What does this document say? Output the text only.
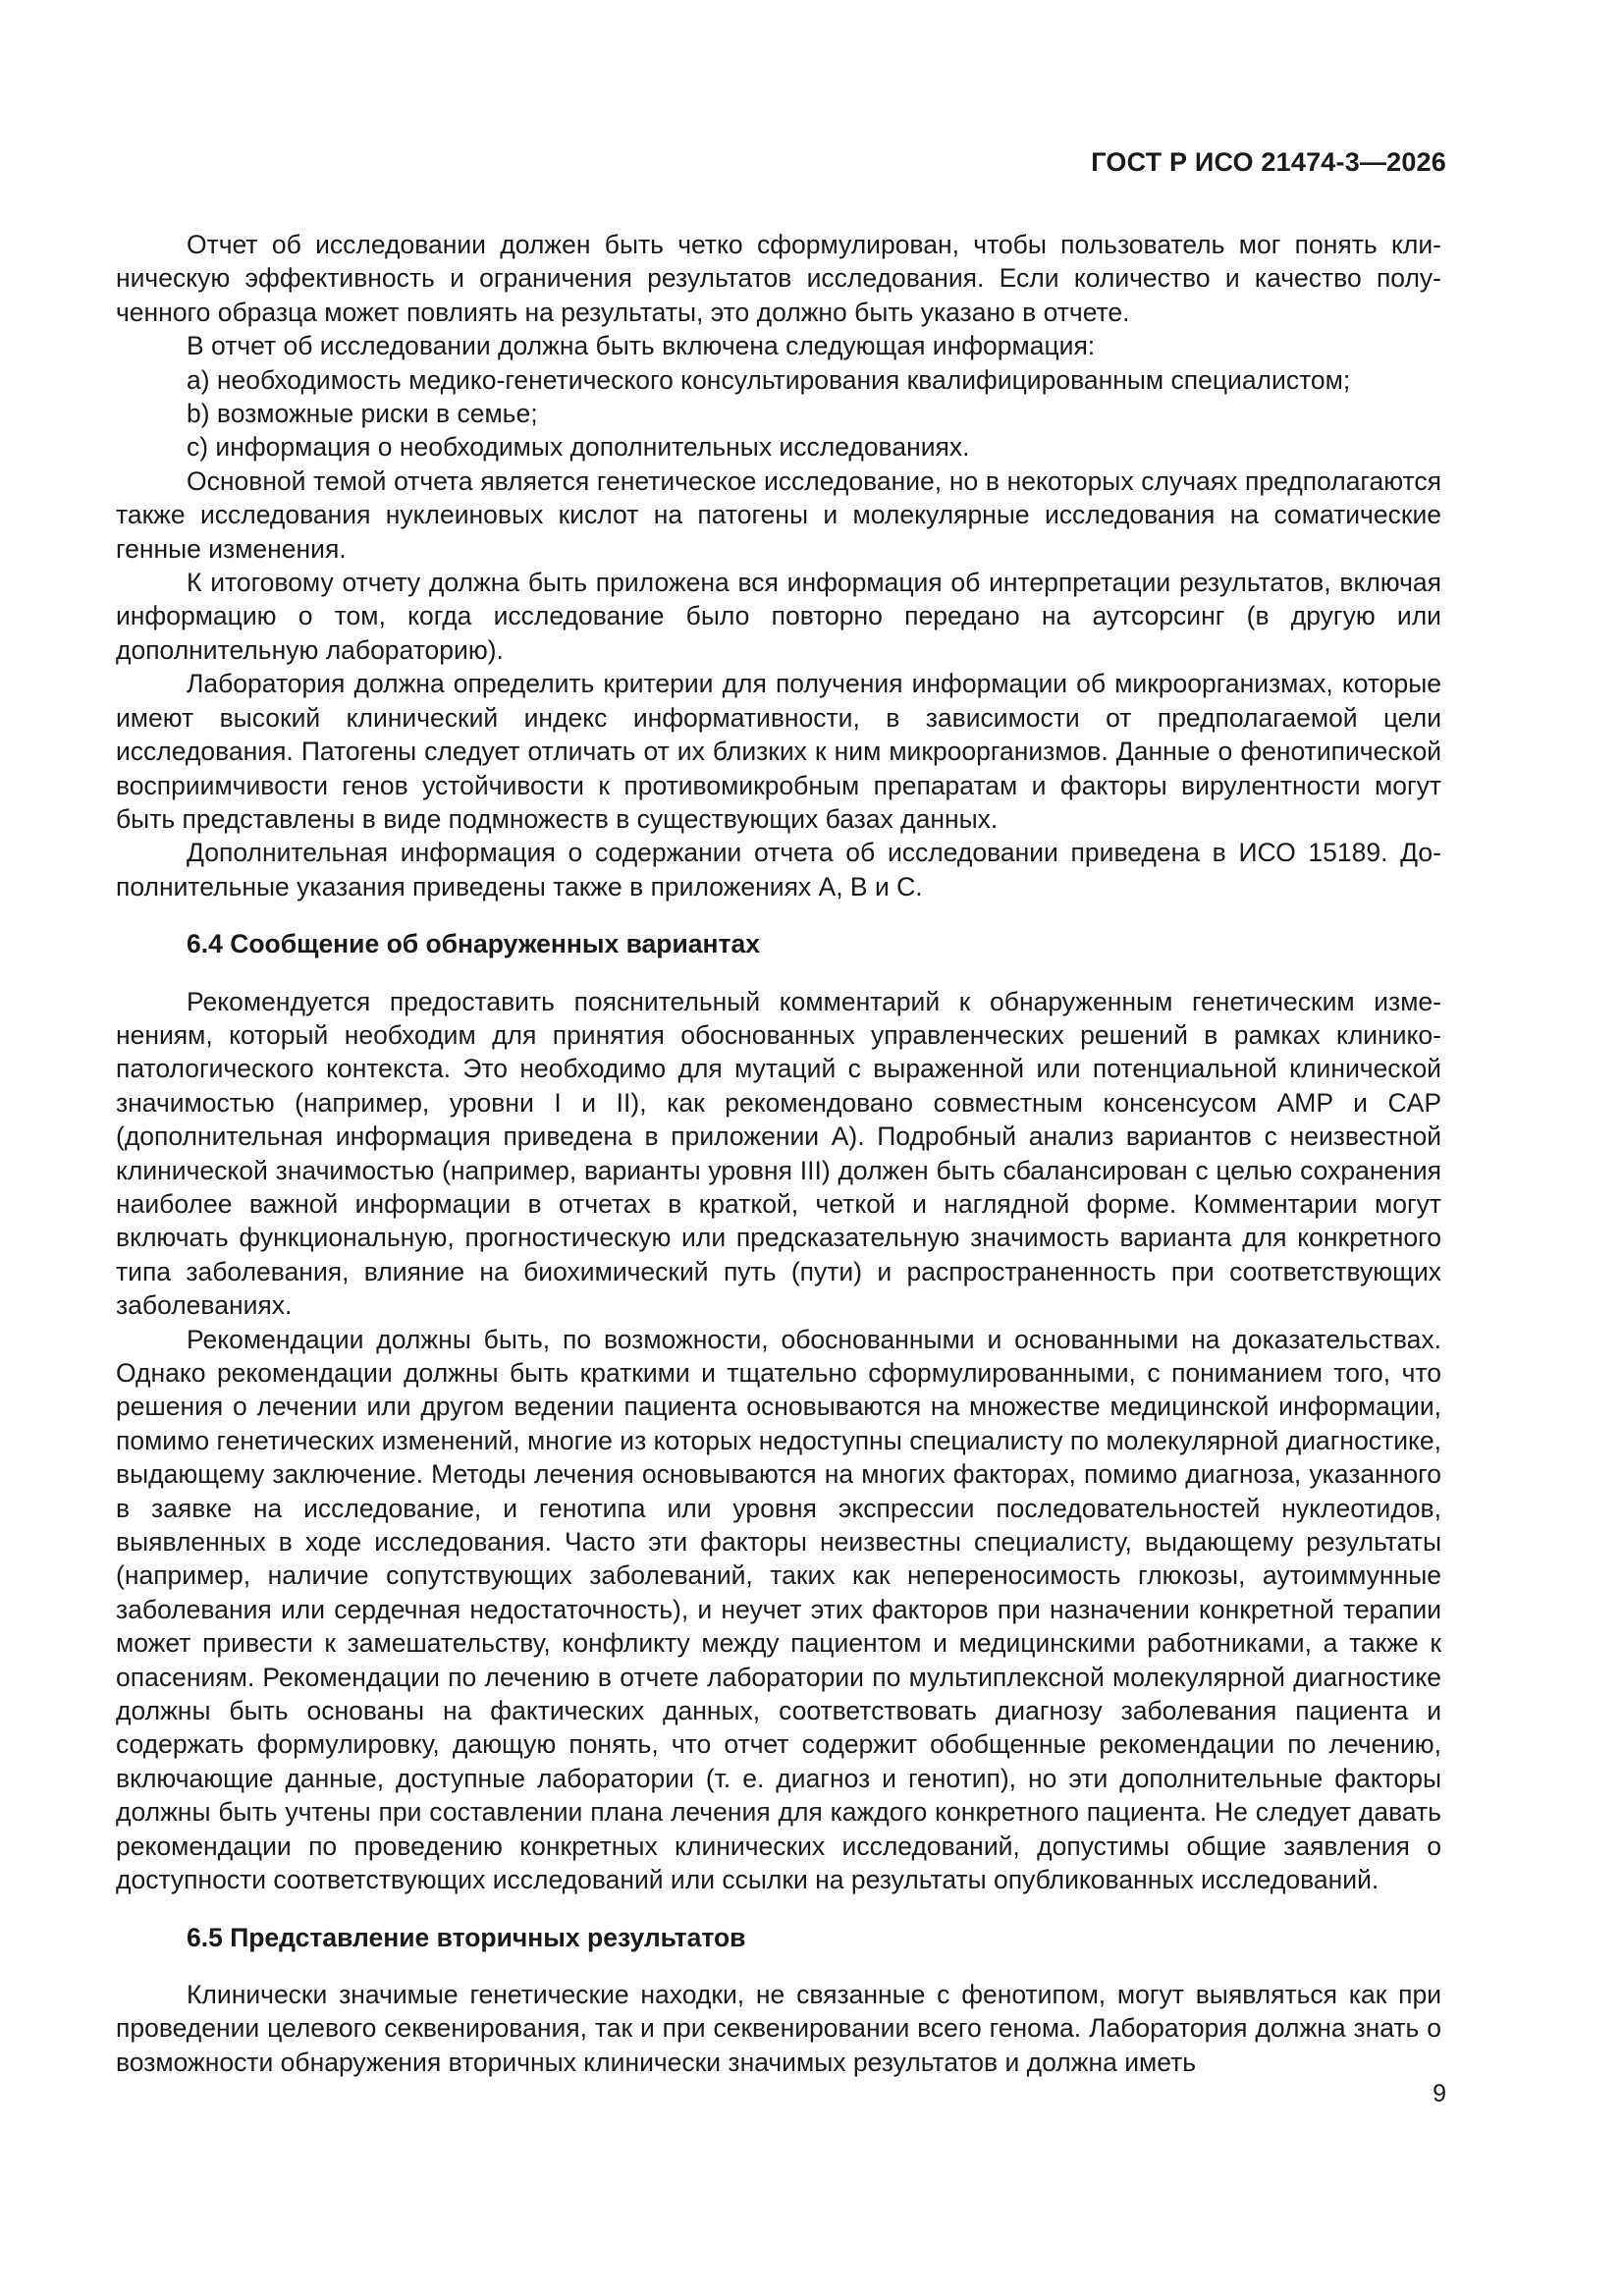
ГОСТ Р ИСО 21474-3—2026

Отчет об исследовании должен быть четко сформулирован, чтобы пользователь мог понять клиническую эффективность и ограничения результатов исследования. Если количество и качество полученного образца может повлиять на результаты, это должно быть указано в отчете.

В отчет об исследовании должна быть включена следующая информация:

a) необходимость медико-генетического консультирования квалифицированным специалистом;

b) возможные риски в семье;

c) информация о необходимых дополнительных исследованиях.

Основной темой отчета является генетическое исследование, но в некоторых случаях предполагаются также исследования нуклеиновых кислот на патогены и молекулярные исследования на соматические генные изменения.

К итоговому отчету должна быть приложена вся информация об интерпретации результатов, включая информацию о том, когда исследование было повторно передано на аутсорсинг (в другую или дополнительную лабораторию).

Лаборатория должна определить критерии для получения информации об микроорганизмах, которые имеют высокий клинический индекс информативности, в зависимости от предполагаемой цели исследования. Патогены следует отличать от их близких к ним микроорганизмов. Данные о фенотипической восприимчивости генов устойчивости к противомикробным препаратам и факторы вирулентности могут быть представлены в виде подмножеств в существующих базах данных.

Дополнительная информация о содержании отчета об исследовании приведена в ИСО 15189. Дополнительные указания приведены также в приложениях A, B и C.

6.4 Сообщение об обнаруженных вариантах

Рекомендуется предоставить пояснительный комментарий к обнаруженным генетическим изменениям, который необходим для принятия обоснованных управленческих решений в рамках клинико-патологического контекста. Это необходимо для мутаций с выраженной или потенциальной клинической значимостью (например, уровни I и II), как рекомендовано совместным консенсусом AMP и CAP (дополнительная информация приведена в приложении A). Подробный анализ вариантов с неизвестной клинической значимостью (например, варианты уровня III) должен быть сбалансирован с целью сохранения наиболее важной информации в отчетах в краткой, четкой и наглядной форме. Комментарии могут включать функциональную, прогностическую или предсказательную значимость варианта для конкретного типа заболевания, влияние на биохимический путь (пути) и распространенность при соответствующих заболеваниях.

Рекомендации должны быть, по возможности, обоснованными и основанными на доказательствах. Однако рекомендации должны быть краткими и тщательно сформулированными, с пониманием того, что решения о лечении или другом ведении пациента основываются на множестве медицинской информации, помимо генетических изменений, многие из которых недоступны специалисту по молекулярной диагностике, выдающему заключение. Методы лечения основываются на многих факторах, помимо диагноза, указанного в заявке на исследование, и генотипа или уровня экспрессии последовательностей нуклеотидов, выявленных в ходе исследования. Часто эти факторы неизвестны специалисту, выдающему результаты (например, наличие сопутствующих заболеваний, таких как непереносимость глюкозы, аутоиммунные заболевания или сердечная недостаточность), и неучет этих факторов при назначении конкретной терапии может привести к замешательству, конфликту между пациентом и медицинскими работниками, а также к опасениям. Рекомендации по лечению в отчете лаборатории по мультиплексной молекулярной диагностике должны быть основаны на фактических данных, соответствовать диагнозу заболевания пациента и содержать формулировку, дающую понять, что отчет содержит обобщенные рекомендации по лечению, включающие данные, доступные лаборатории (т. е. диагноз и генотип), но эти дополнительные факторы должны быть учтены при составлении плана лечения для каждого конкретного пациента. Не следует давать рекомендации по проведению конкретных клинических исследований, допустимы общие заявления о доступности соответствующих исследований или ссылки на результаты опубликованных исследований.

6.5 Представление вторичных результатов

Клинически значимые генетические находки, не связанные с фенотипом, могут выявляться как при проведении целевого секвенирования, так и при секвенировании всего генома. Лаборатория должна знать о возможности обнаружения вторичных клинически значимых результатов и должна иметь

9
